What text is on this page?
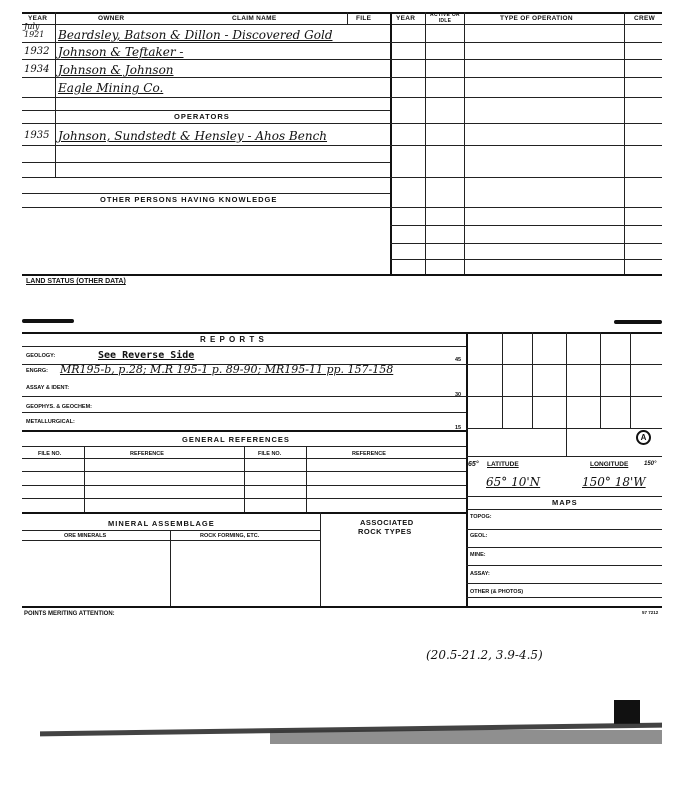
YEAR	OWNER	CLAIM NAME	FILE	YEAR	ACTIVE OR IDLE	TYPE OF OPERATION	CREW
July 1921	Beardsley, Batson & Dillon - Discovered Gold
1932 Johnson & Teftaker -
1934 Johnson & Johnson
Eagle Mining Co.
OPERATORS
1935 Johnson, Sundstedt & Hensley - Ahos Bench
OTHER PERSONS HAVING KNOWLEDGE
LAND STATUS (OTHER DATA)
R E P O R T S
GEOLOGY:	See Reverse Side	45
ENGRG: MR195-b, p.28; M.R 195-1 p. 89-90; MR195-11 pp. 157-158
ASSAY & IDENT:
30
GEOPHYS. & GEOCHEM:
METALLURGICAL:
15
GENERAL REFERENCES
FILE NO.	REFERENCE	FILE NO.	REFERENCE
MINERAL ASSEMBLAGE
ORE MINERALS	ROCK FORMING, ETC.
ASSOCIATED
ROCK TYPES
A
65° LATITUDE	LONGITUDE	150°
65° 10'N	150° 18'W
MAPS
TOPOG:
GEOL:
MINE:
ASSAY:
OTHER (& PHOTOS)
POINTS MERITING ATTENTION:	57 7212
(20.5-21.2, 3.9-4.5)
